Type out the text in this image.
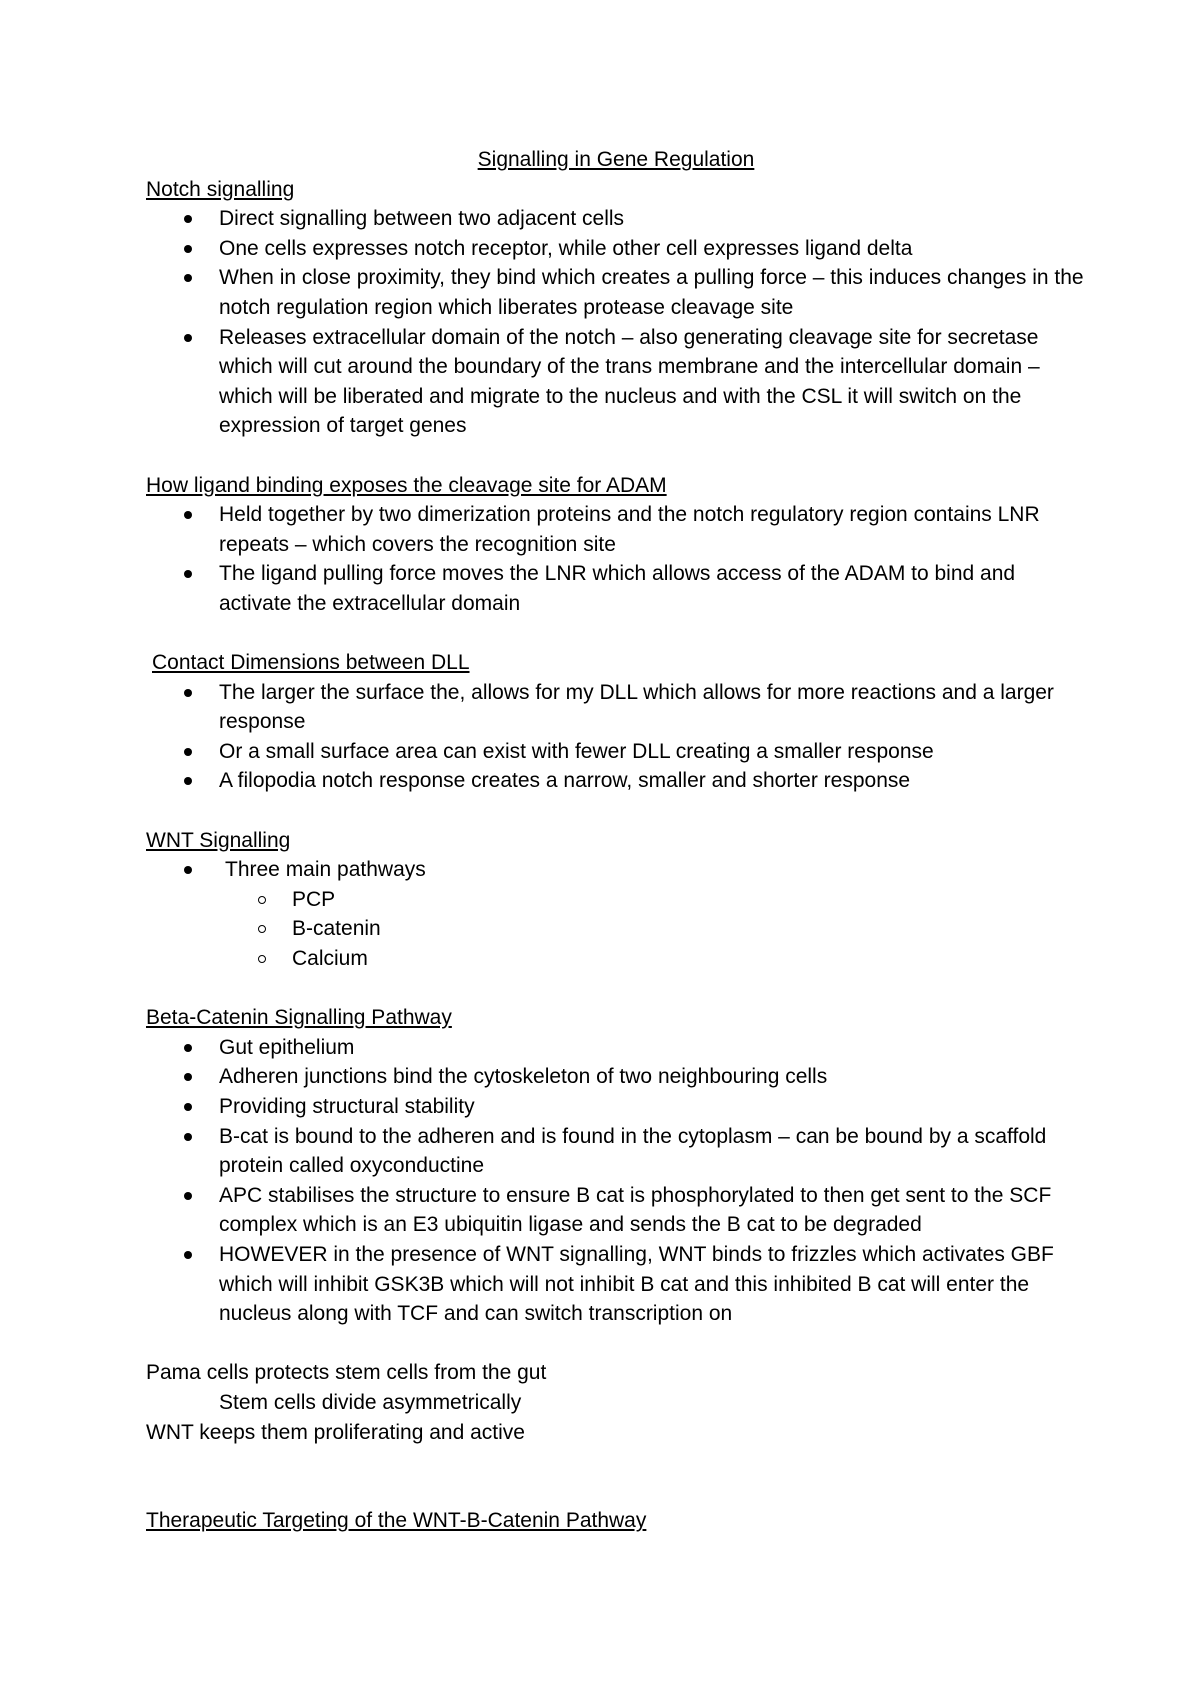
Signalling in Gene Regulation
Notch signalling
Direct signalling between two adjacent cells
One cells expresses notch receptor, while other cell expresses ligand delta
When in close proximity, they bind which creates a pulling force – this induces changes in the notch regulation region which liberates protease cleavage site
Releases extracellular domain of the notch – also generating cleavage site for secretase which will cut around the boundary of the trans membrane and the intercellular domain – which will be liberated and migrate to the nucleus and with the CSL it will switch on the expression of target genes
How ligand binding exposes the cleavage site for ADAM
Held together by two dimerization proteins and the notch regulatory region contains LNR repeats – which covers the recognition site
The ligand pulling force moves the LNR which allows access of the ADAM to bind and activate the extracellular domain
Contact Dimensions between DLL
The larger the surface the, allows for my DLL which allows for more reactions and a larger response
Or a small surface area can exist with fewer DLL creating a smaller response
A filopodia notch response creates a narrow, smaller and shorter response
WNT Signalling
Three main pathways
PCP
B-catenin
Calcium
Beta-Catenin Signalling Pathway
Gut epithelium
Adheren junctions bind the cytoskeleton of two neighbouring cells
Providing structural stability
B-cat is bound to the adheren and is found in the cytoplasm – can be bound by a scaffold protein called oxyconductine
APC stabilises the structure to ensure B cat is phosphorylated to then get sent to the SCF complex which is an E3 ubiquitin ligase and sends the B cat to be degraded
HOWEVER in the presence of WNT signalling, WNT binds to frizzles which activates GBF which will inhibit GSK3B which will not inhibit B cat and this inhibited B cat will enter the nucleus along with TCF and can switch transcription on

Pama cells protects stem cells from the gut

Stem cells divide asymmetrically

WNT keeps them proliferating and active

Therapeutic Targeting of the WNT-B-Catenin Pathway
